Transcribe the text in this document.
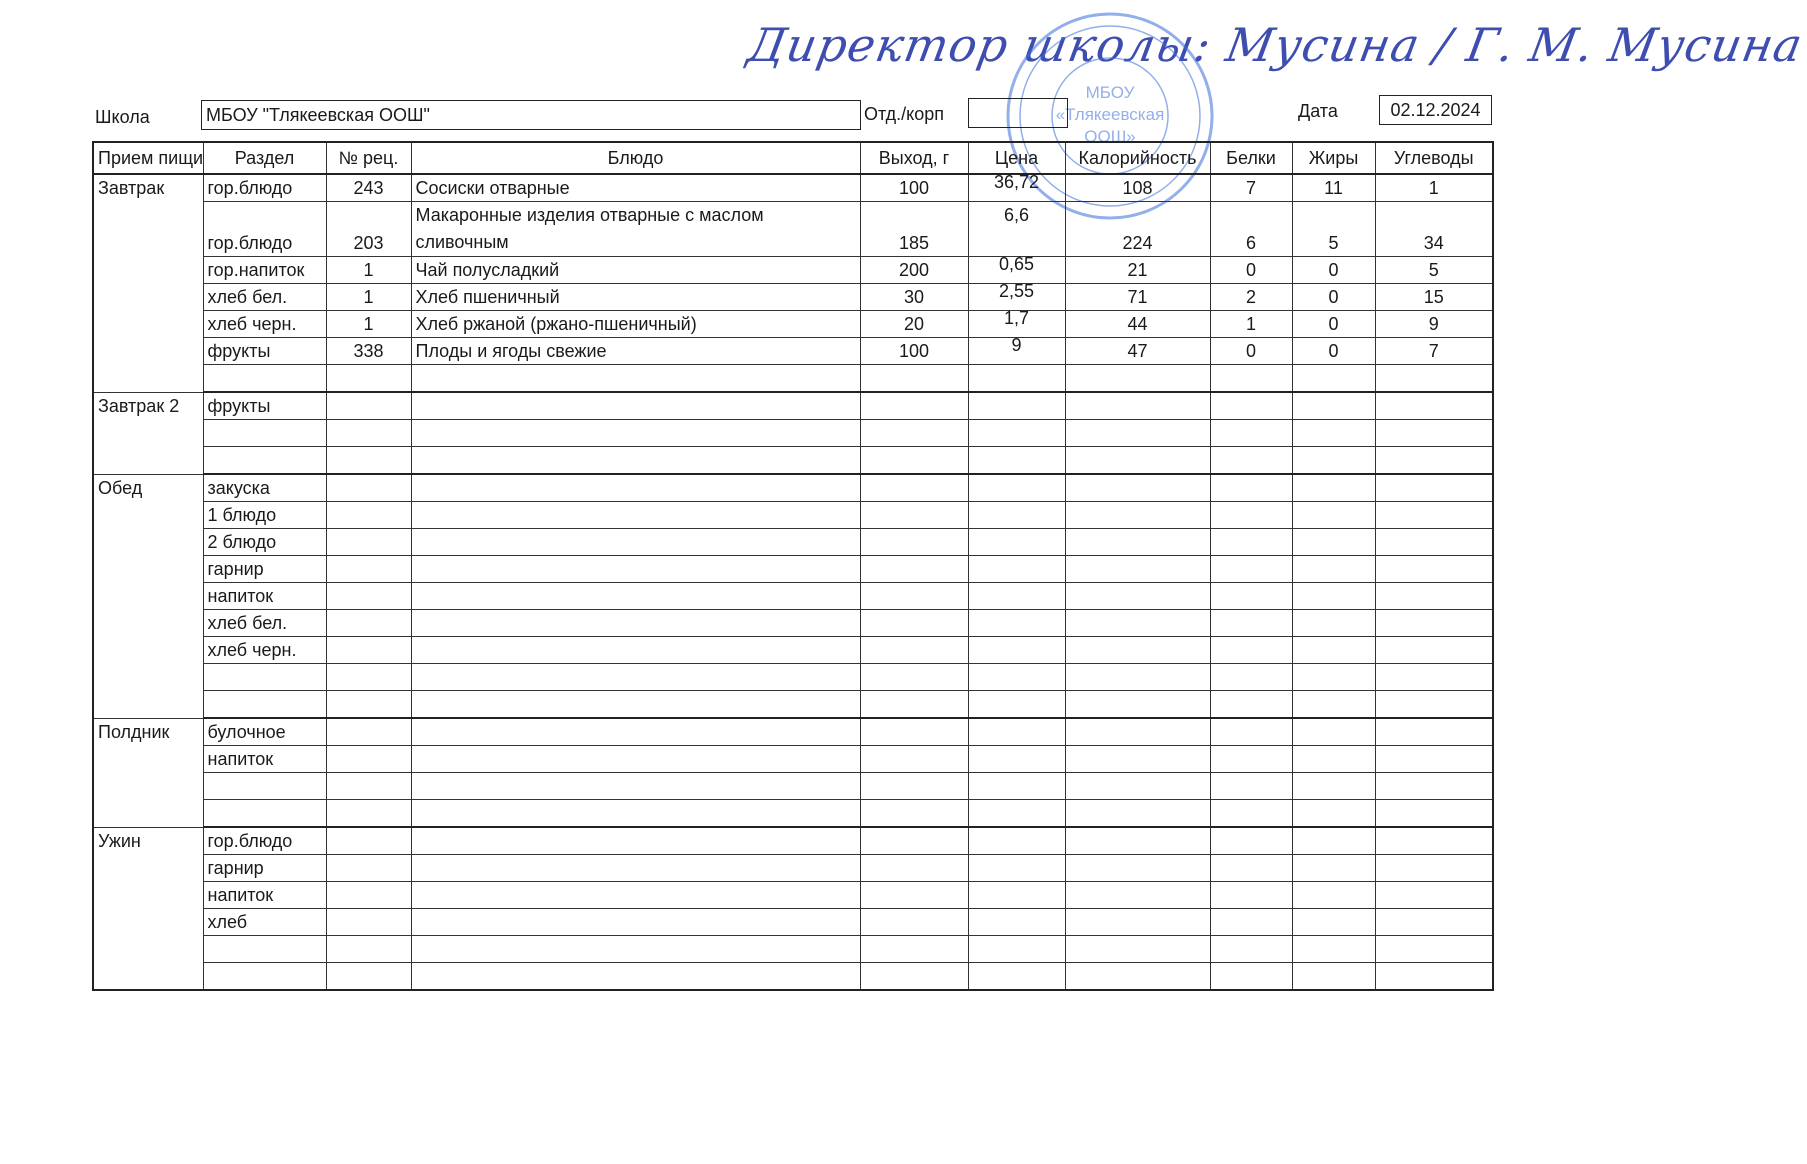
Директор школы: Мусина / Г. М. Мусина
МБОУ
«Тлякеевская
ООШ»
Школа	МБОУ "Тлякеевская ООШ"	Отд./корп	Дата	02.12.2024
Прием пищи	Раздел	№ рец.	Блюдо	Выход, г	Цена	Калорийность	Белки	Жиры	Углеводы
Завтрак	гор.блюдо	243	Сосиски отварные	100	36,72	108	7	11	1
	гор.блюдо	203	Макаронные изделия отварные с маслом
сливочным	185	6,6	224	6	5	34
	гор.напиток	1	Чай полусладкий	200	0,65	21	0	0	5
	хлеб бел.	1	Хлеб пшеничный	30	2,55	71	2	0	15
	хлеб черн.	1	Хлеб ржаной (ржано-пшеничный)	20	1,7	44	1	0	9
	фрукты	338	Плоды и ягоды свежие	100	9	47	0	0	7

Завтрак 2	фрукты								

Обед	закуска								
	1 блюдо								
	2 блюдо								
	гарнир								
	напиток								
	хлеб бел.								
	хлеб черн.								

Полдник	булочное								
	напиток								

Ужин	гор.блюдо								
	гарнир								
	напиток								
	хлеб								
